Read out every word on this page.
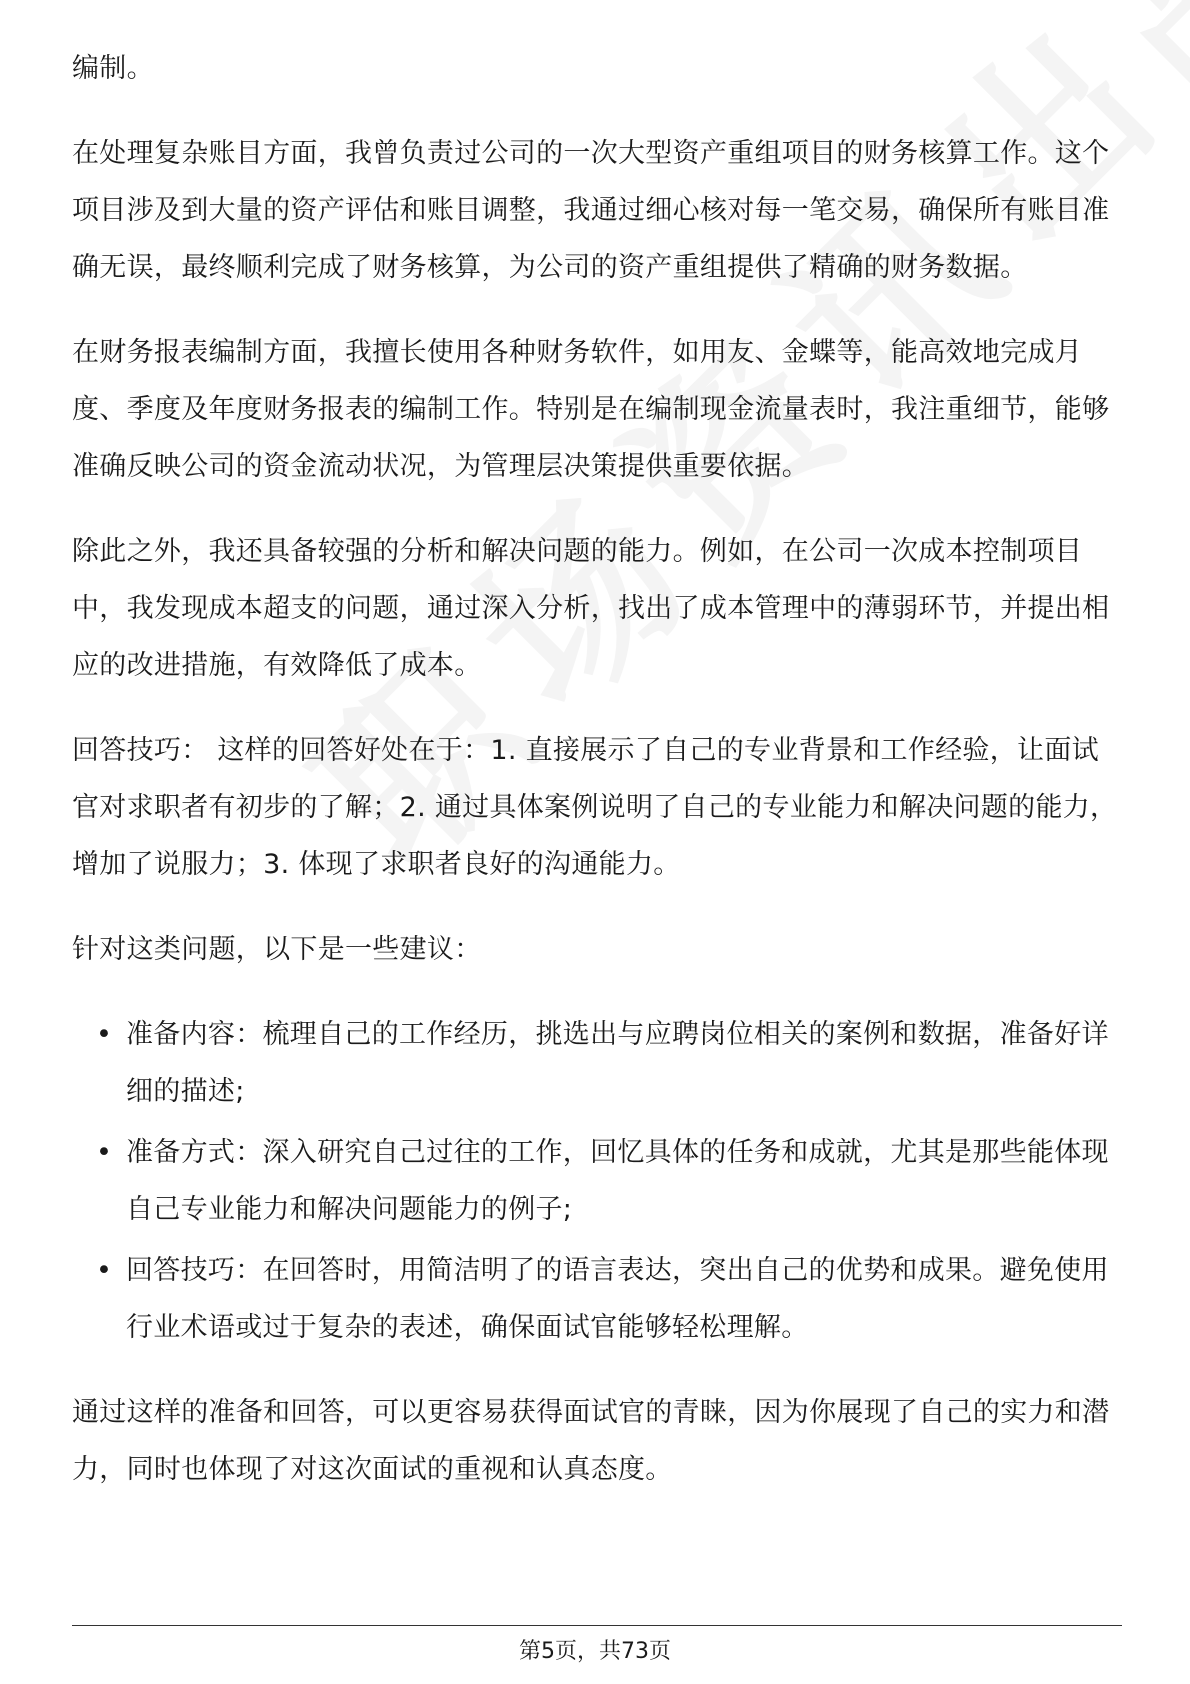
编制。

在处理复杂账目方面，我曾负责过公司的一次大型资产重组项目的财务核算工作。这个项目涉及到大量的资产评估和账目调整，我通过细心核对每一笔交易，确保所有账目准确无误，最终顺利完成了财务核算，为公司的资产重组提供了精确的财务数据。

在财务报表编制方面，我擅长使用各种财务软件，如用友、金蝶等，能高效地完成月度、季度及年度财务报表的编制工作。特别是在编制现金流量表时，我注重细节，能够准确反映公司的资金流动状况，为管理层决策提供重要依据。

除此之外，我还具备较强的分析和解决问题的能力。例如，在公司一次成本控制项目中，我发现成本超支的问题，通过深入分析，找出了成本管理中的薄弱环节，并提出相应的改进措施，有效降低了成本。

回答技巧： 这样的回答好处在于：1. 直接展示了自己的专业背景和工作经验，让面试官对求职者有初步的了解；2. 通过具体案例说明了自己的专业能力和解决问题的能力，增加了说服力；3. 体现了求职者良好的沟通能力。

针对这类问题，以下是一些建议：

• 准备内容：梳理自己的工作经历，挑选出与应聘岗位相关的案例和数据，准备好详细的描述;
• 准备方式：深入研究自己过往的工作，回忆具体的任务和成就，尤其是那些能体现自己专业能力和解决问题能力的例子;
• 回答技巧：在回答时，用简洁明了的语言表达，突出自己的优势和成果。避免使用行业术语或过于复杂的表述，确保面试官能够轻松理解。

通过这样的准备和回答，可以更容易获得面试官的青睐，因为你展现了自己的实力和潜力，同时也体现了对这次面试的重视和认真态度。

第5页，共73页
